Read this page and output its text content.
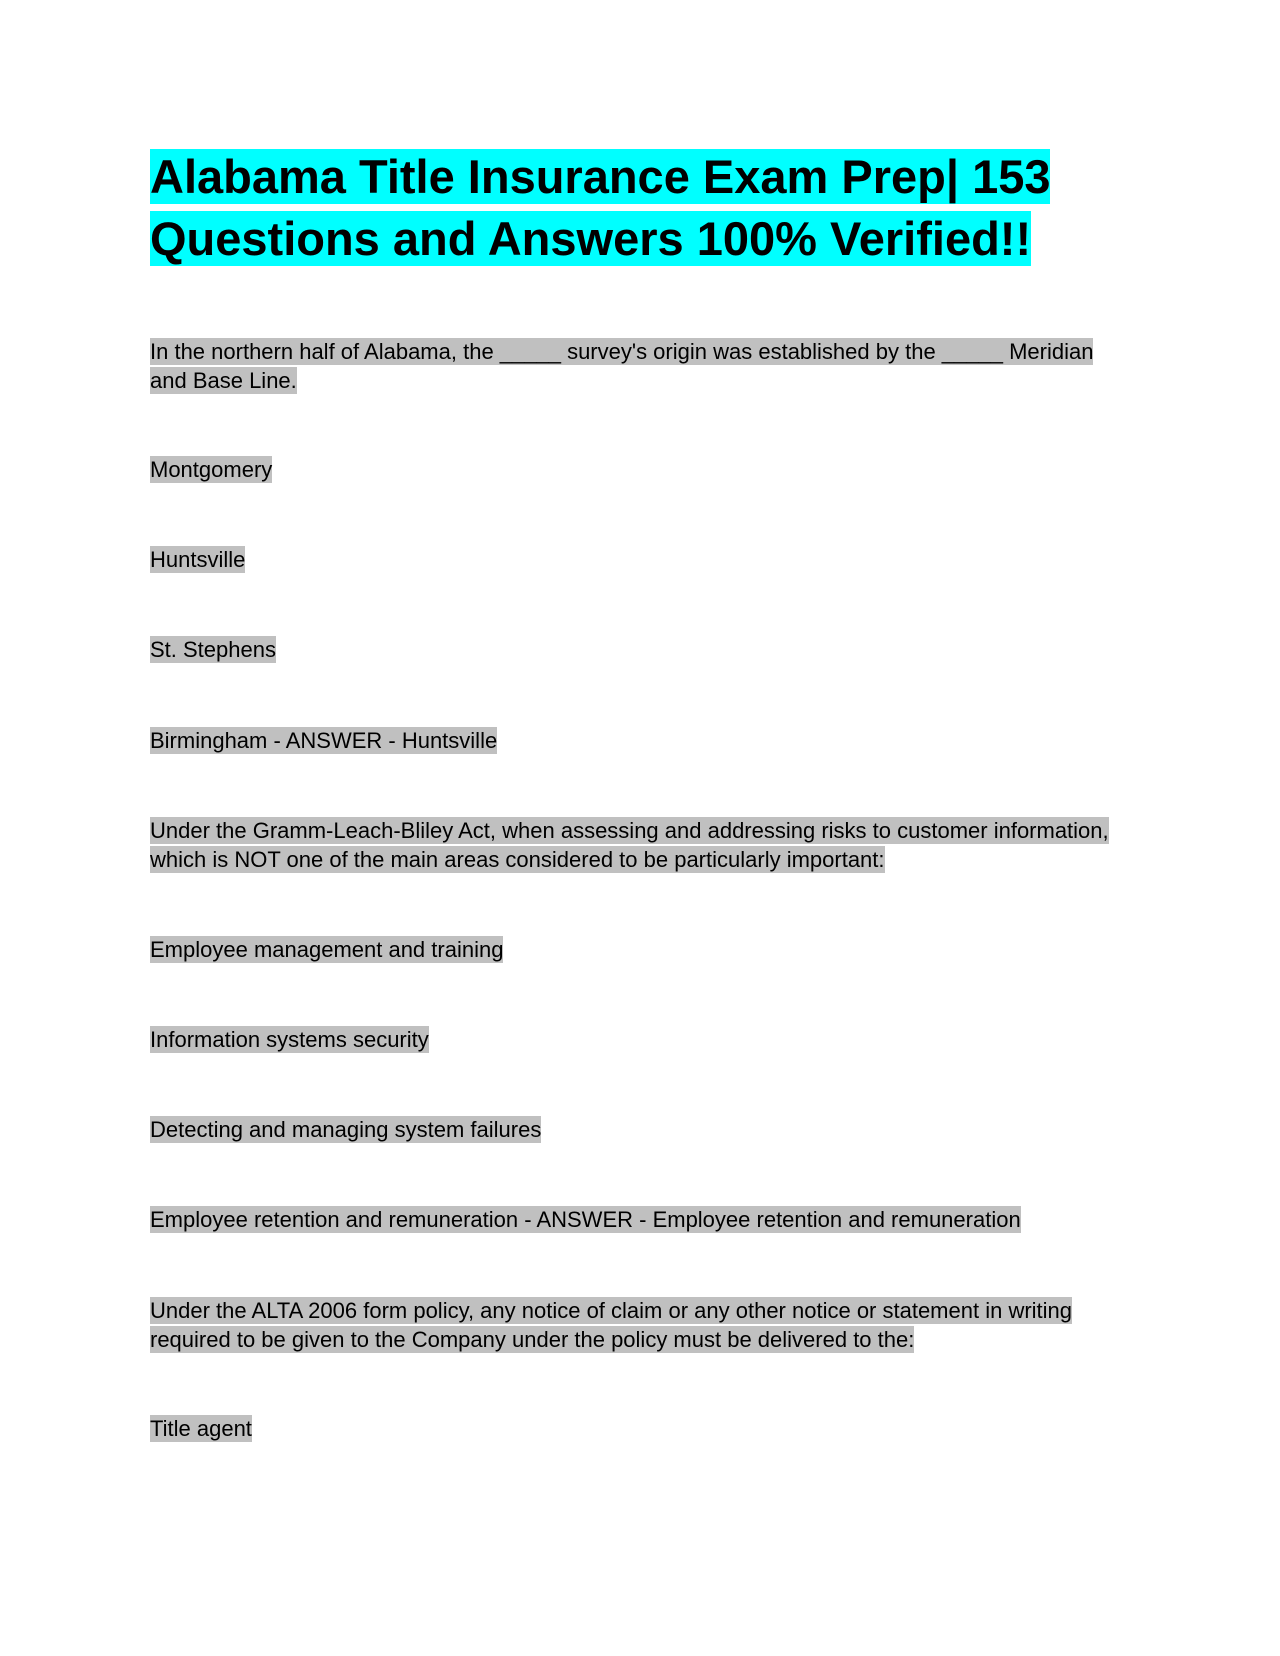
Alabama Title Insurance Exam Prep| 153 Questions and Answers 100% Verified!!
In the northern half of Alabama, the _____ survey's origin was established by the _____ Meridian and Base Line.
Montgomery
Huntsville
St. Stephens
Birmingham - ANSWER - Huntsville
Under the Gramm-Leach-Bliley Act, when assessing and addressing risks to customer information, which is NOT one of the main areas considered to be particularly important:
Employee management and training
Information systems security
Detecting and managing system failures
Employee retention and remuneration - ANSWER - Employee retention and remuneration
Under the ALTA 2006 form policy, any notice of claim or any other notice or statement in writing required to be given to the Company under the policy must be delivered to the:
Title agent
